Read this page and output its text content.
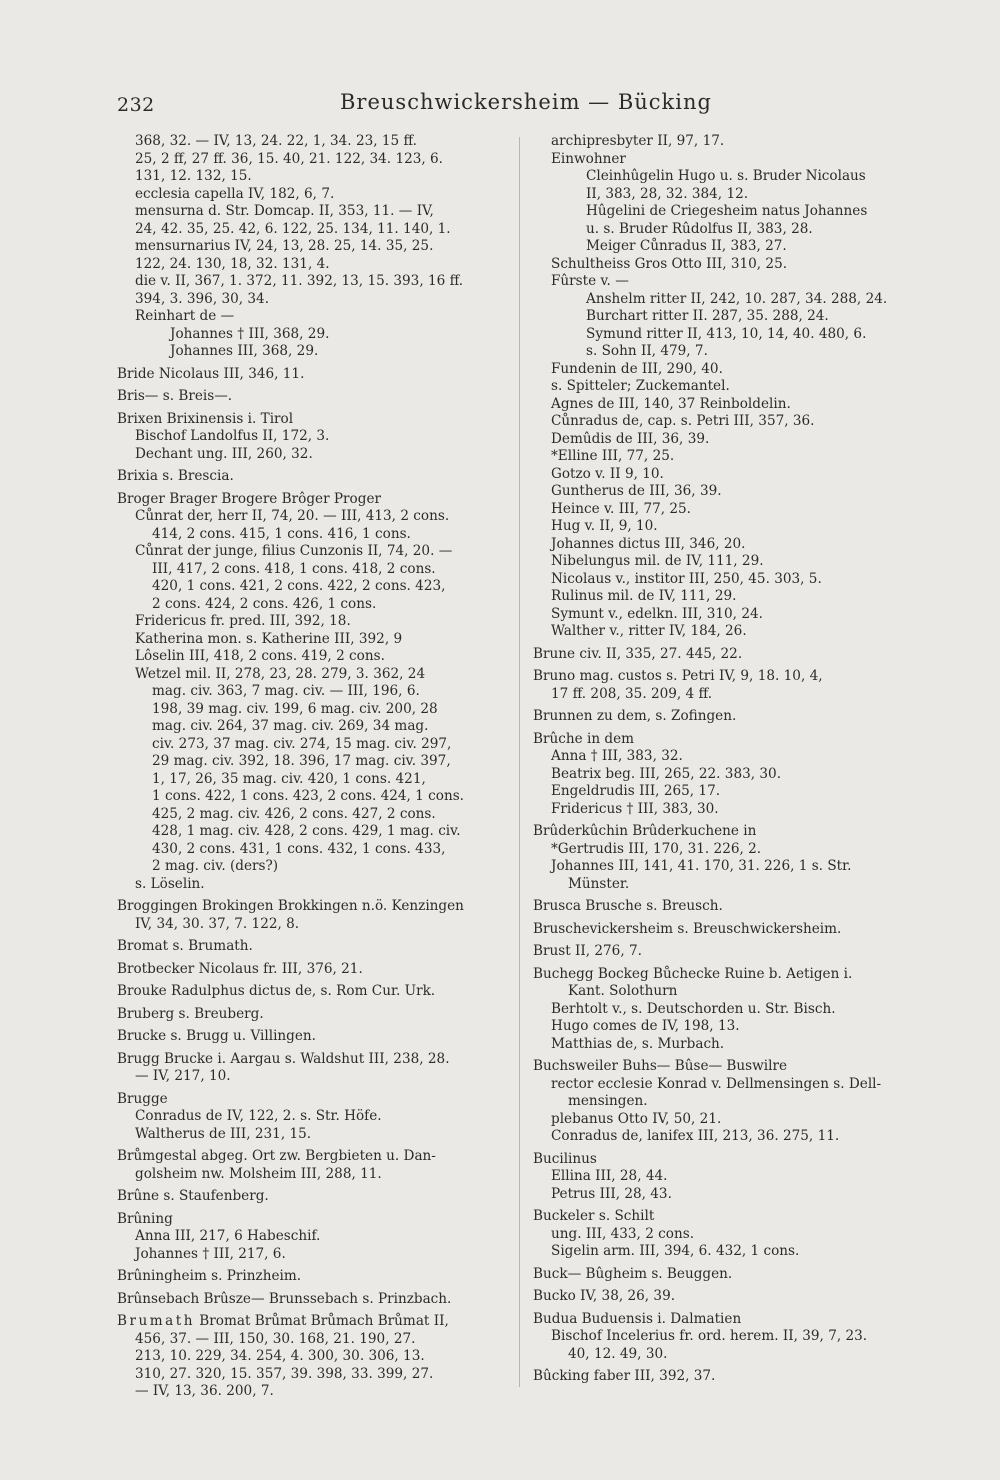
232	Breuschwickersheim — Bücking
368, 32. — IV, 13, 24. 22, 1, 34. 23, 15 ff.
25, 2 ff, 27 ff. 36, 15. 40, 21. 122, 34. 123, 6.
131, 12. 132, 15.
ecclesia capella IV, 182, 6, 7.
mensurna d. Str. Domcap. II, 353, 11. — IV,
24, 42. 35, 25. 42, 6. 122, 25. 134, 11. 140, 1.
mensurnarius IV, 24, 13, 28. 25, 14. 35, 25.
122, 24. 130, 18, 32. 131, 4.
die v. II, 367, 1. 372, 11. 392, 13, 15. 393, 16 ff.
394, 3. 396, 30, 34.
Reinhart de —
Johannes † III, 368, 29.
Johannes III, 368, 29.
Bride Nicolaus III, 346, 11.
Bris— s. Breis—.
Brixen Brixinensis i. Tirol
Bischof Landolfus II, 172, 3.
Dechant ung. III, 260, 32.
Brixia s. Brescia.
Broger Brager Brogere Brôger Proger
Cůnrat der, herr II, 74, 20. — III, 413, 2 cons.
414, 2 cons. 415, 1 cons. 416, 1 cons.
Cůnrat der junge, filius Cunzonis II, 74, 20. —
III, 417, 2 cons. 418, 1 cons. 418, 2 cons.
420, 1 cons. 421, 2 cons. 422, 2 cons. 423,
2 cons. 424, 2 cons. 426, 1 cons.
Fridericus fr. pred. III, 392, 18.
Katherina mon. s. Katherine III, 392, 9
Lôselin III, 418, 2 cons. 419, 2 cons.
Wetzel mil. II, 278, 23, 28. 279, 3. 362, 24
mag. civ. 363, 7 mag. civ. — III, 196, 6.
198, 39 mag. civ. 199, 6 mag. civ. 200, 28
mag. civ. 264, 37 mag. civ. 269, 34 mag.
civ. 273, 37 mag. civ. 274, 15 mag. civ. 297,
29 mag. civ. 392, 18. 396, 17 mag. civ. 397,
1, 17, 26, 35 mag. civ. 420, 1 cons. 421,
1 cons. 422, 1 cons. 423, 2 cons. 424, 1 cons.
425, 2 mag. civ. 426, 2 cons. 427, 2 cons.
428, 1 mag. civ. 428, 2 cons. 429, 1 mag. civ.
430, 2 cons. 431, 1 cons. 432, 1 cons. 433,
2 mag. civ. (ders?)
s. Löselin.
Broggingen Brokingen Brokkingen n.ö. Kenzingen
IV, 34, 30. 37, 7. 122, 8.
Bromat s. Brumath.
Brotbecker Nicolaus fr. III, 376, 21.
Brouke Radulphus dictus de, s. Rom Cur. Urk.
Bruberg s. Breuberg.
Brucke s. Brugg u. Villingen.
Brugg Brucke i. Aargau s. Waldshut III, 238, 28.
— IV, 217, 10.
Brugge
Conradus de IV, 122, 2. s. Str. Höfe.
Waltherus de III, 231, 15.
Brůmgestal abgeg. Ort zw. Bergbieten u. Dan-
golsheim nw. Molsheim III, 288, 11.
Brûne s. Staufenberg.
Brûning
Anna III, 217, 6 Habeschif.
Johannes † III, 217, 6.
Brûningheim s. Prinzheim.
Brûnsebach Brûsze— Brunssebach s. Prinzbach.
Brumath Bromat Brůmat Brůmach Brůmat II,
456, 37. — III, 150, 30. 168, 21. 190, 27.
213, 10. 229, 34. 254, 4. 300, 30. 306, 13.
310, 27. 320, 15. 357, 39. 398, 33. 399, 27.
— IV, 13, 36. 200, 7.
archipresbyter II, 97, 17.
Einwohner
Cleinhûgelin Hugo u. s. Bruder Nicolaus
II, 383, 28, 32. 384, 12.
Hûgelini de Criegesheim natus Johannes
u. s. Bruder Rûdolfus II, 383, 28.
Meiger Cůnradus II, 383, 27.
Schultheiss Gros Otto III, 310, 25.
Fûrste v. —
Anshelm ritter II, 242, 10. 287, 34. 288, 24.
Burchart ritter II. 287, 35. 288, 24.
Symund ritter II, 413, 10, 14, 40. 480, 6.
s. Sohn II, 479, 7.
Fundenin de III, 290, 40.
s. Spitteler; Zuckemantel.
Agnes de III, 140, 37 Reinboldelin.
Cůnradus de, cap. s. Petri III, 357, 36.
Demûdis de III, 36, 39.
*Elline III, 77, 25.
Gotzo v. II 9, 10.
Guntherus de III, 36, 39.
Heince v. III, 77, 25.
Hug v. II, 9, 10.
Johannes dictus III, 346, 20.
Nibelungus mil. de IV, 111, 29.
Nicolaus v., institor III, 250, 45. 303, 5.
Rulinus mil. de IV, 111, 29.
Symunt v., edelkn. III, 310, 24.
Walther v., ritter IV, 184, 26.
Brune civ. II, 335, 27. 445, 22.
Bruno mag. custos s. Petri IV, 9, 18. 10, 4,
17 ff. 208, 35. 209, 4 ff.
Brunnen zu dem, s. Zofingen.
Brûche in dem
Anna † III, 383, 32.
Beatrix beg. III, 265, 22. 383, 30.
Engeldrudis III, 265, 17.
Fridericus † III, 383, 30.
Brûderkûchin Brûderkuchene in
*Gertrudis III, 170, 31. 226, 2.
Johannes III, 141, 41. 170, 31. 226, 1 s. Str.
Münster.
Brusca Brusche s. Breusch.
Bruschevickersheim s. Breuschwickersheim.
Brust II, 276, 7.
Buchegg Bockeg Bůchecke Ruine b. Aetigen i.
Kant. Solothurn
Berhtolt v., s. Deutschorden u. Str. Bisch.
Hugo comes de IV, 198, 13.
Matthias de, s. Murbach.
Buchsweiler Buhs— Bûse— Buswilre
rector ecclesie Konrad v. Dellmensingen s. Dell-
mensingen.
plebanus Otto IV, 50, 21.
Conradus de, lanifex III, 213, 36. 275, 11.
Bucilinus
Ellina III, 28, 44.
Petrus III, 28, 43.
Buckeler s. Schilt
ung. III, 433, 2 cons.
Sigelin arm. III, 394, 6. 432, 1 cons.
Buck— Bûgheim s. Beuggen.
Bucko IV, 38, 26, 39.
Budua Buduensis i. Dalmatien
Bischof Incelerius fr. ord. herem. II, 39, 7, 23.
40, 12. 49, 30.
Bûcking faber III, 392, 37.
